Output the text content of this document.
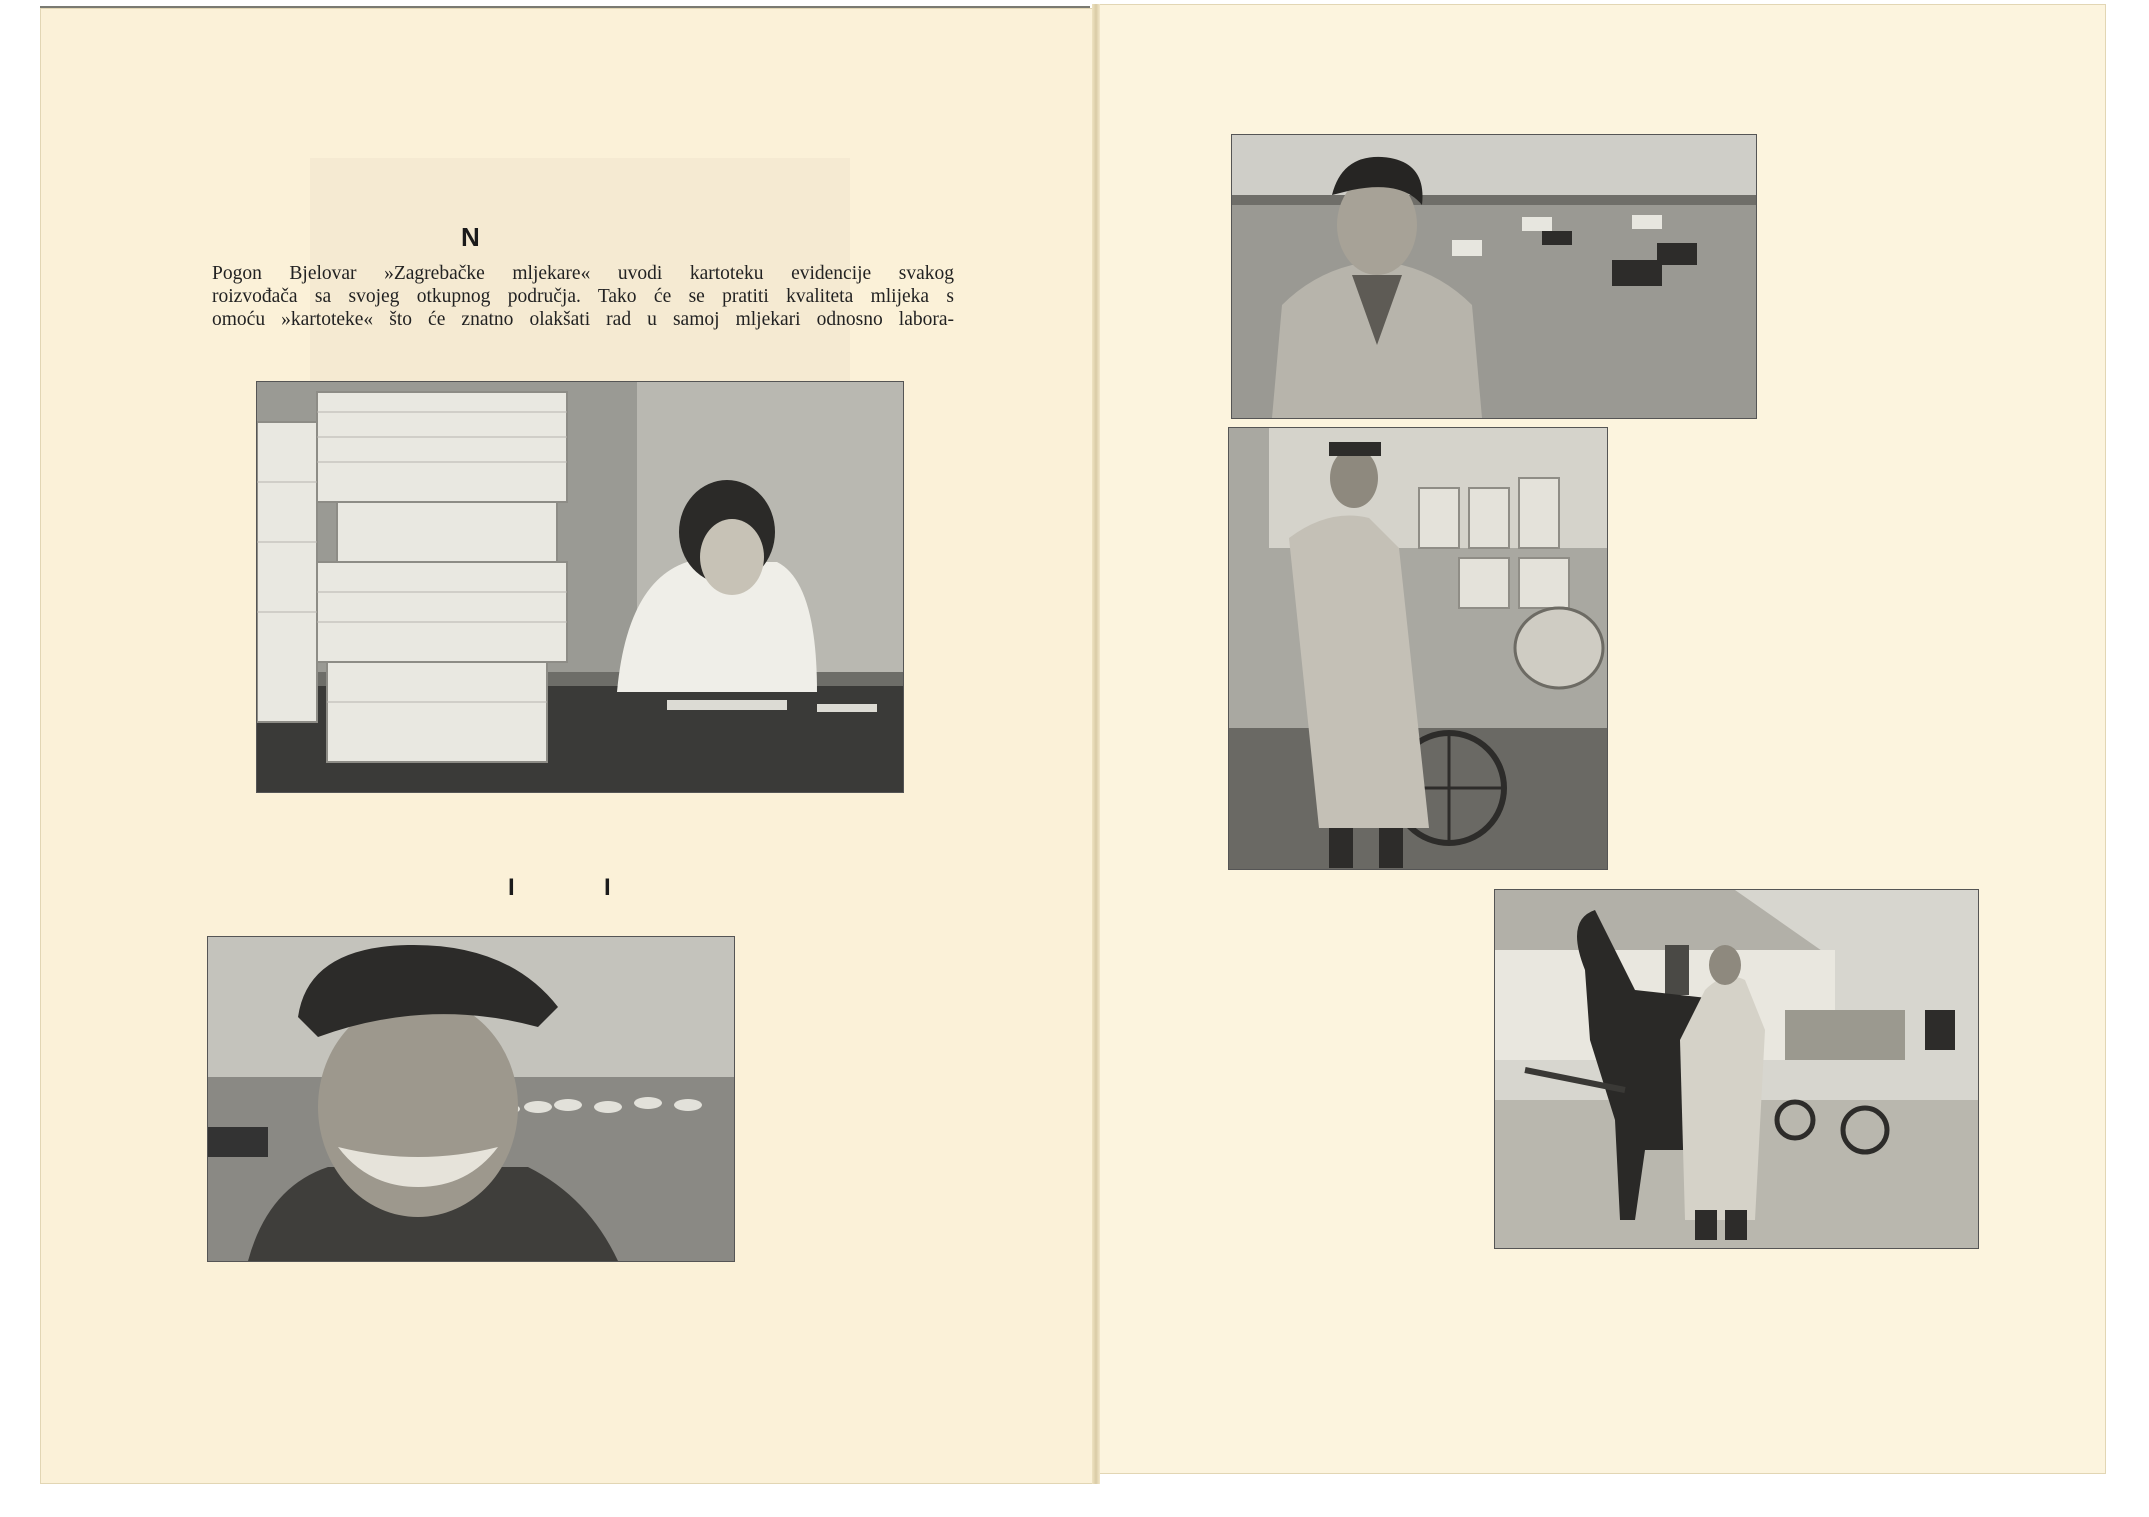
N
Pogon Bjelovar »Zagrebačke mljekare« uvodi kartoteku evidencije svakog
roizvođača sa svojeg otkupnog područja. Tako će se pratiti kvaliteta mlijeka s
omoću »kartoteke« što će znatno olakšati rad u samoj mljekari odnosno labora-
I	I
